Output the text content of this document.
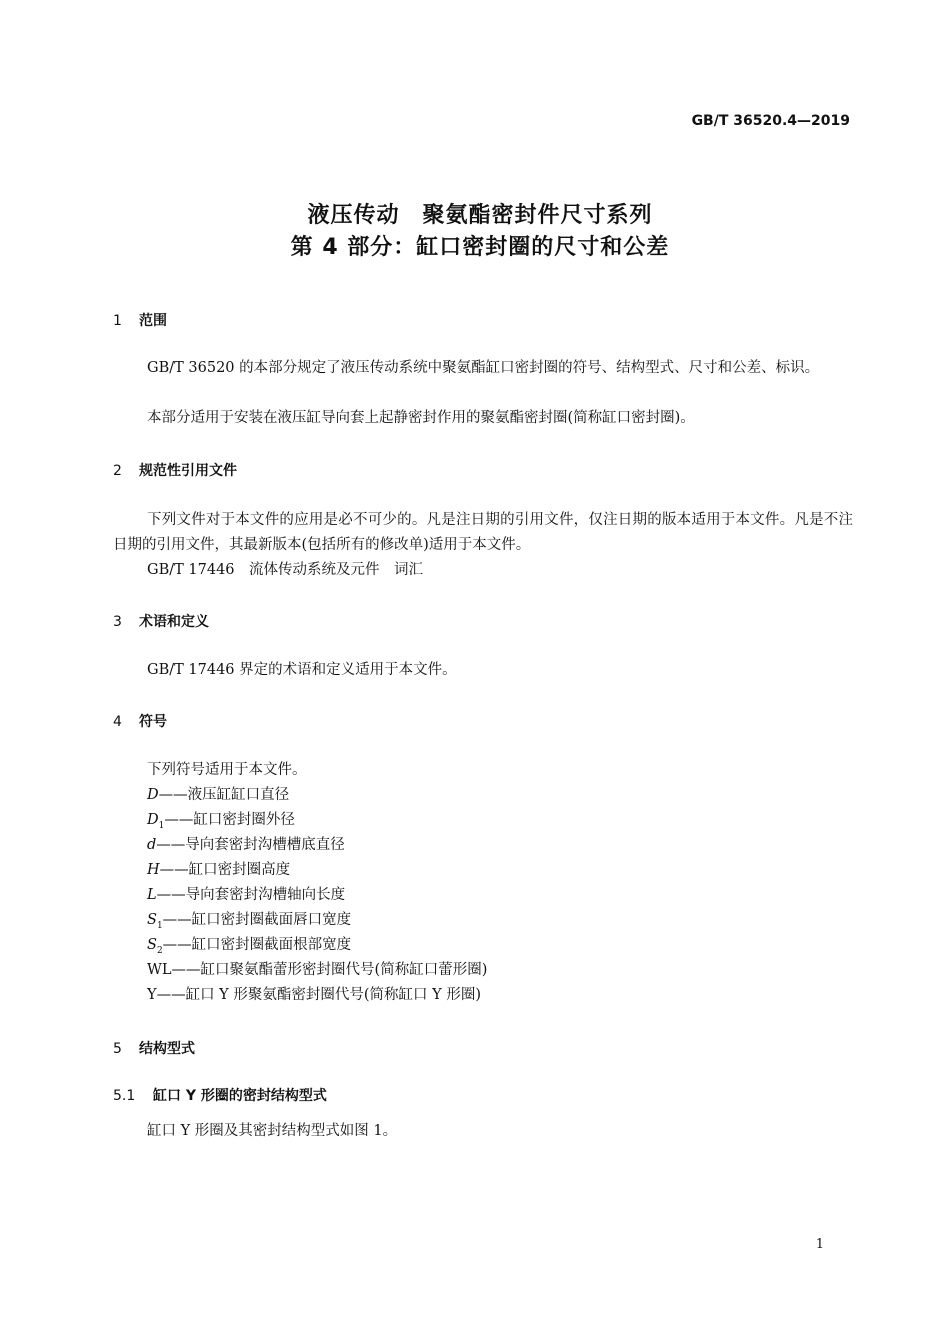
GB/T 36520.4—2019
液压传动　聚氨酯密封件尺寸系列
第 4 部分：缸口密封圈的尺寸和公差
1 范围
GB/T 36520 的本部分规定了液压传动系统中聚氨酯缸口密封圈的符号、结构型式、尺寸和公差、标识。
本部分适用于安装在液压缸导向套上起静密封作用的聚氨酯密封圈(简称缸口密封圈)。
2 规范性引用文件
下列文件对于本文件的应用是必不可少的。凡是注日期的引用文件，仅注日期的版本适用于本文件。凡是不注日期的引用文件，其最新版本(包括所有的修改单)适用于本文件。
GB/T 17446　流体传动系统及元件　词汇
3 术语和定义
GB/T 17446 界定的术语和定义适用于本文件。
4 符号
下列符号适用于本文件。
D——液压缸缸口直径
$D_1——$缸口密封圈外径
d——导向套密封沟槽槽底直径
H——缸口密封圈高度
L——导向套密封沟槽轴向长度
$S_1——$缸口密封圈截面唇口宽度
$S_2——$缸口密封圈截面根部宽度
WL——缸口聚氨酯蕾形密封圈代号(简称缸口蕾形圈)
Y——缸口 Y 形聚氨酯密封圈代号(简称缸口 Y 形圈)
5 结构型式
5.1 缸口 Y 形圈的密封结构型式
缸口 Y 形圈及其密封结构型式如图 1。
1
